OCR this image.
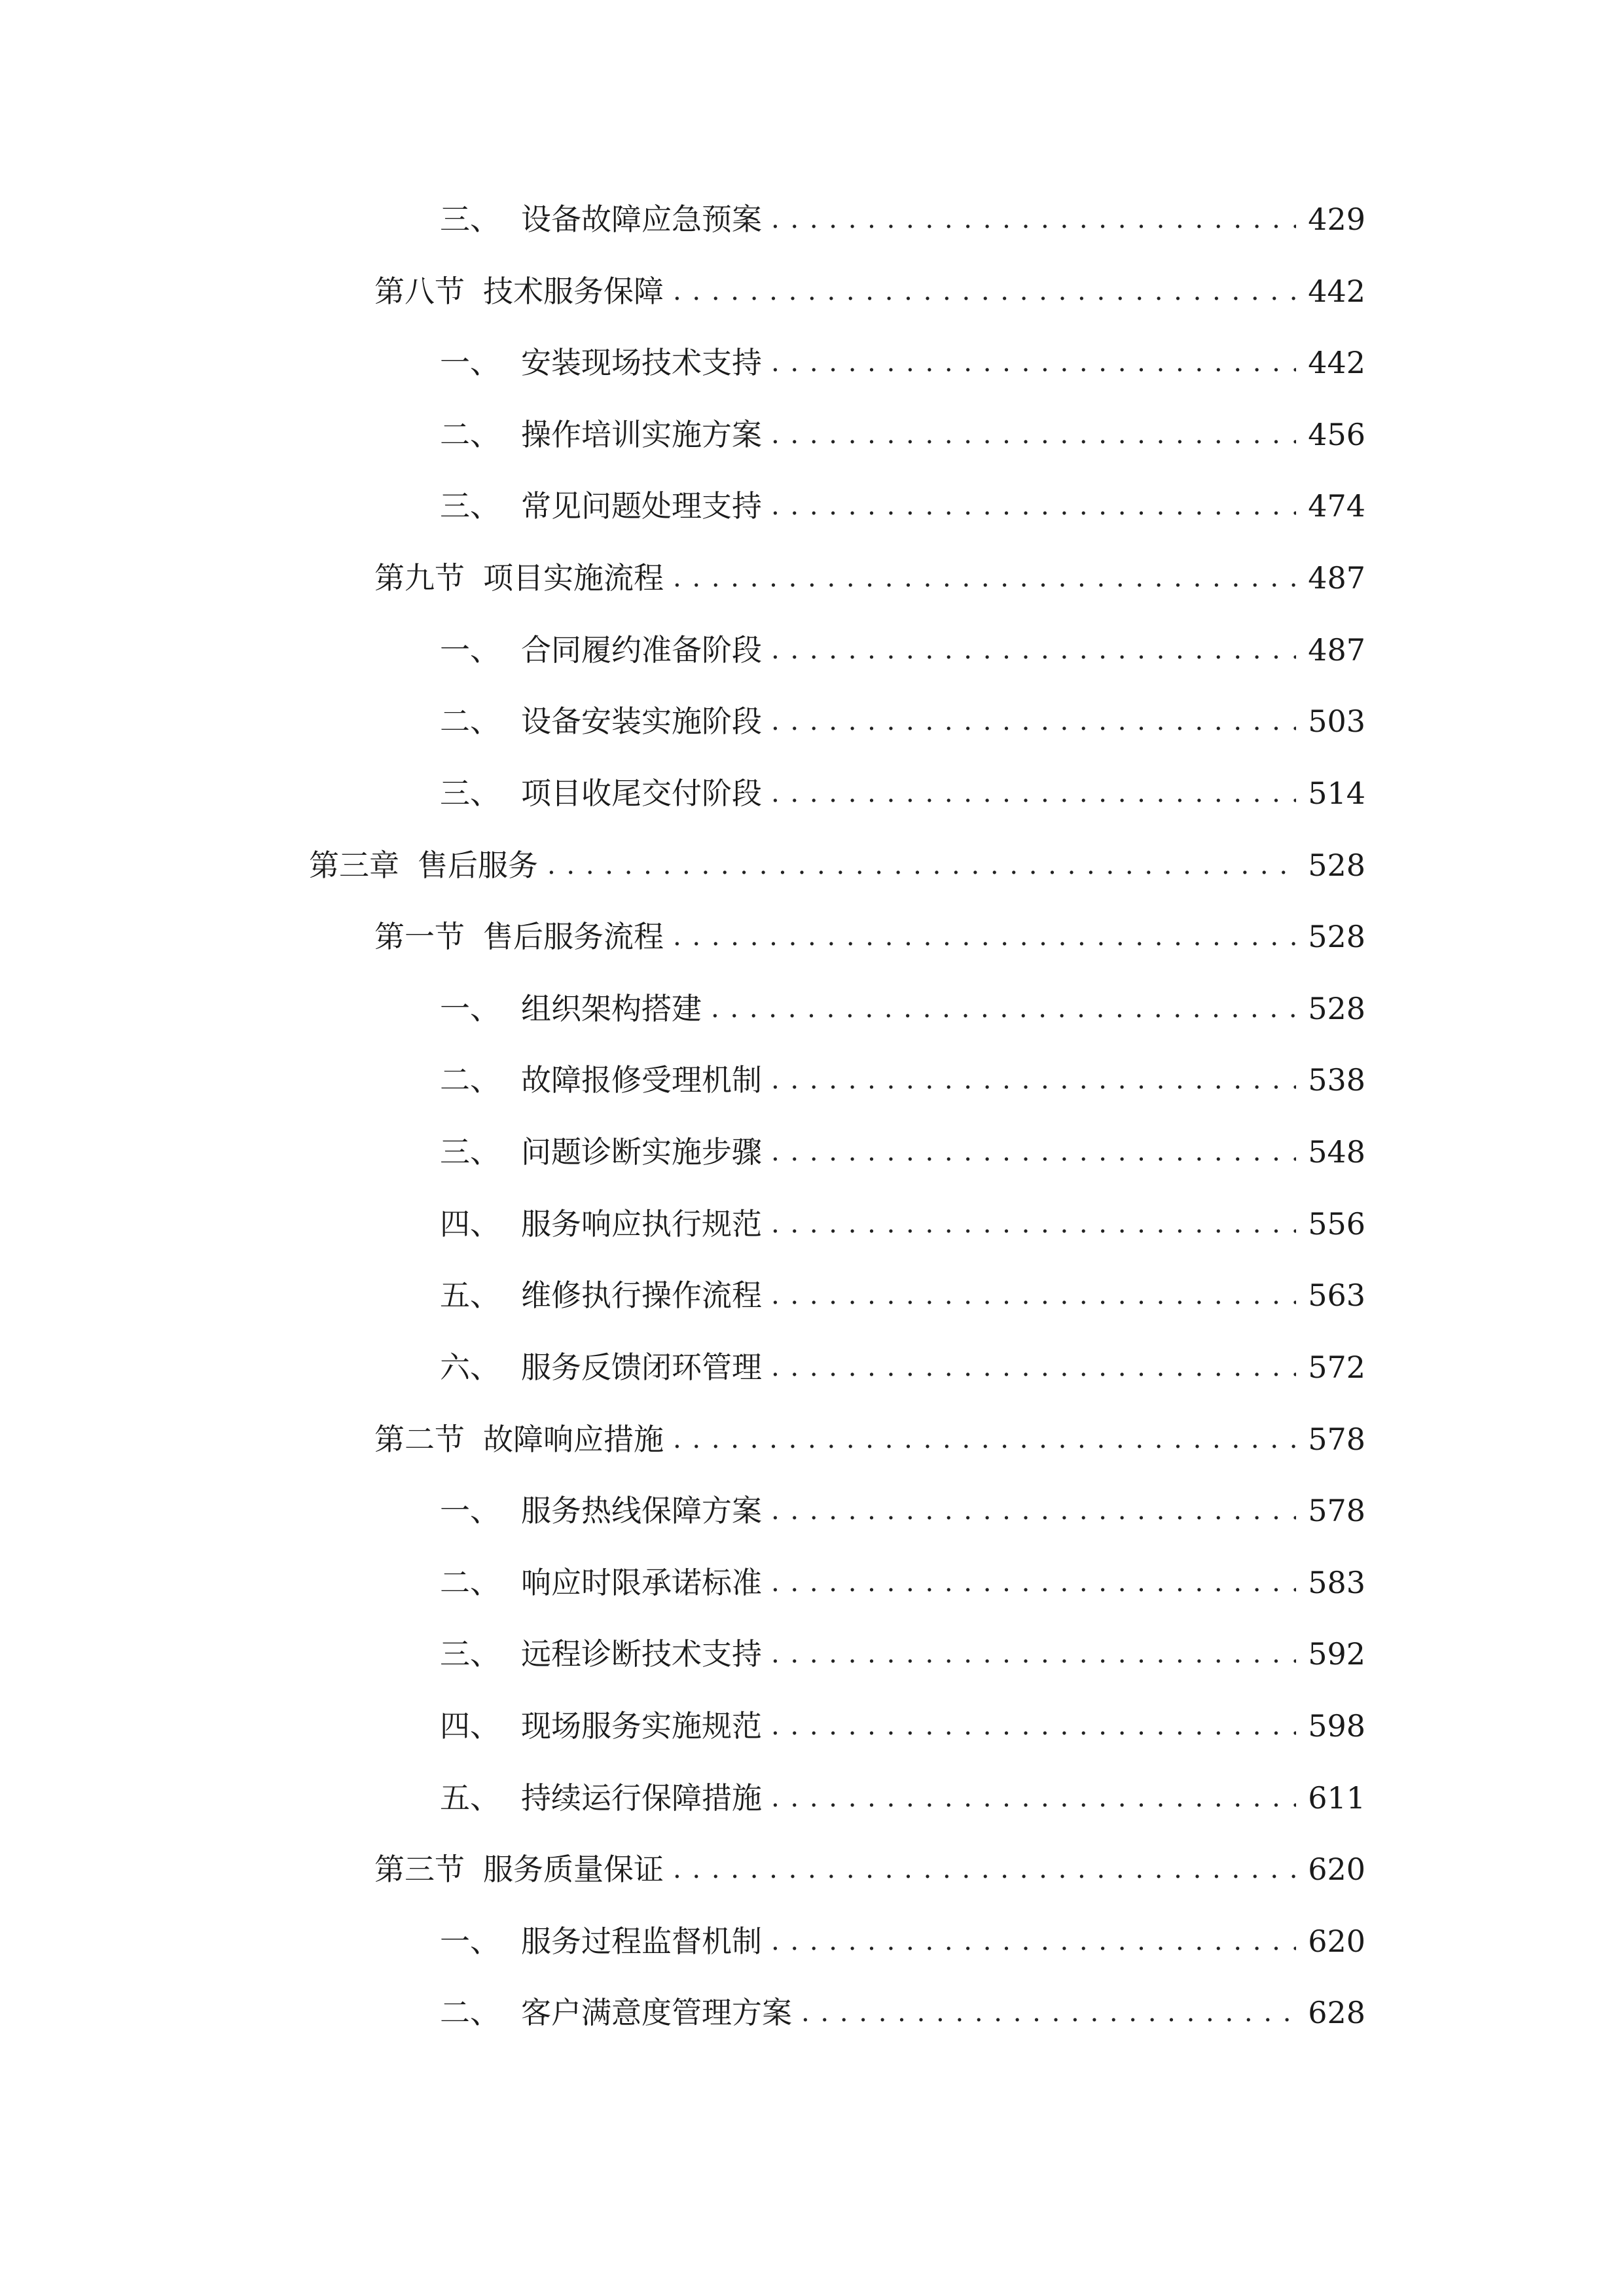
三、 设备故障应急预案 . . .	429
第八节 技术服务保障 . . .	442
一、 安装现场技术支持 . . .	442
二、 操作培训实施方案 . . .	456
三、 常见问题处理支持 . . .	474
第九节 项目实施流程 . . .	487
一、 合同履约准备阶段 . . .	487
二、 设备安装实施阶段 . . .	503
三、 项目收尾交付阶段 . . .	514
第三章 售后服务 . . .	528
第一节 售后服务流程 . . .	528
一、 组织架构搭建 . . .	528
二、 故障报修受理机制 . . .	538
三、 问题诊断实施步骤 . . .	548
四、 服务响应执行规范 . . .	556
五、 维修执行操作流程 . . .	563
六、 服务反馈闭环管理 . . .	572
第二节 故障响应措施 . . .	578
一、 服务热线保障方案 . . .	578
二、 响应时限承诺标准 . . .	583
三、 远程诊断技术支持 . . .	592
四、 现场服务实施规范 . . .	598
五、 持续运行保障措施 . . .	611
第三节 服务质量保证 . . .	620
一、 服务过程监督机制 . . .	620
二、 客户满意度管理方案 . . .	628
